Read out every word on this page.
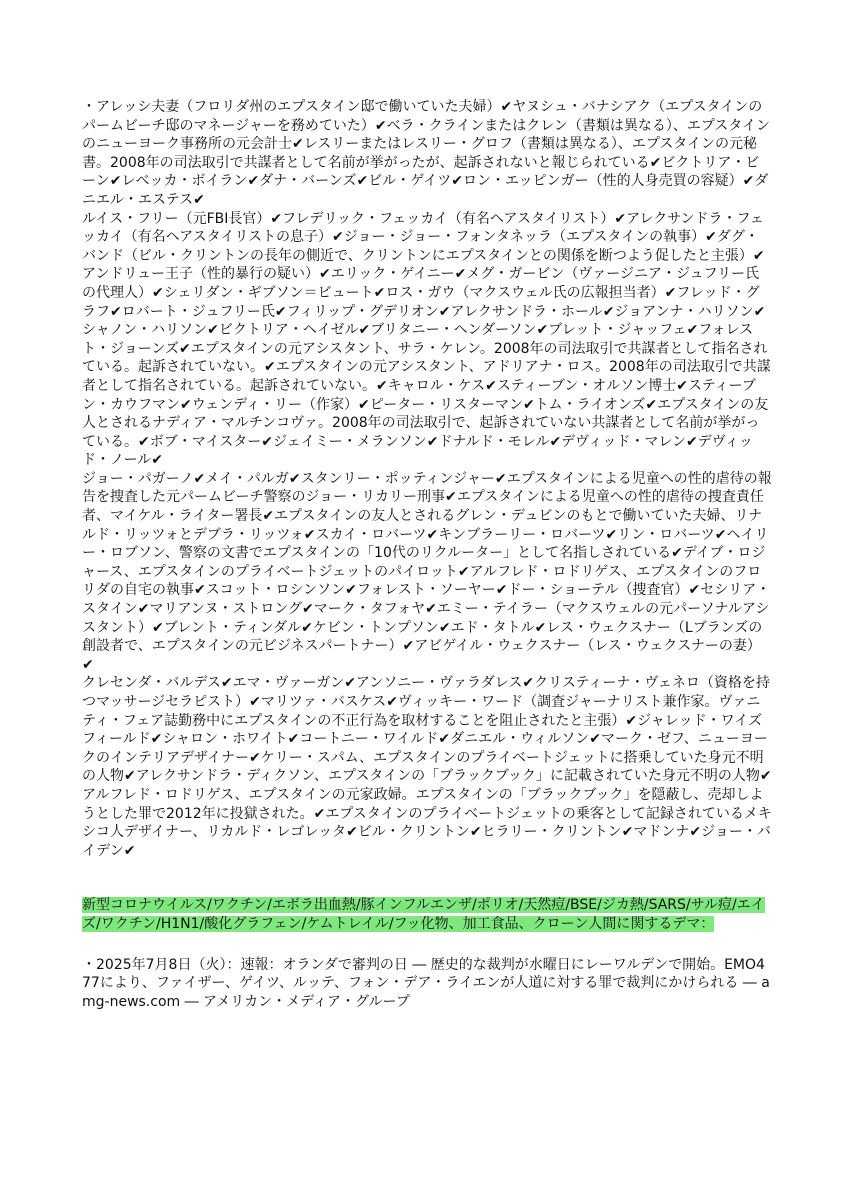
・アレッシ夫妻（フロリダ州のエプスタイン邸で働いていた夫婦）✔ヤヌシュ・バナシアク（エプスタインのパームビーチ邸のマネージャーを務めていた）✔ベラ・クラインまたはクレン（書類は異なる）、エプスタインのニューヨーク事務所の元会計士✔レスリーまたはレスリー・グロフ（書類は異なる）、エプスタインの元秘書。2008年の司法取引で共謀者として名前が挙がったが、起訴されないと報じられている✔ビクトリア・ビーン✔レベッカ・ボイラン✔ダナ・バーンズ✔ビル・ゲイツ✔ロン・エッピンガー（性的人身売買の容疑）✔ダニエル・エステス✔

ルイス・フリー（元FBI長官）✔フレデリック・フェッカイ（有名ヘアスタイリスト）✔アレクサンドラ・フェッカイ（有名ヘアスタイリストの息子）✔ジョー・ジョー・フォンタネッラ（エプスタインの執事）✔ダグ・バンド（ビル・クリントンの長年の側近で、クリントンにエプスタインとの関係を断つよう促したと主張）✔アンドリュー王子（性的暴行の疑い）✔エリック・ゲイニー✔メグ・ガービン（ヴァージニア・ジュフリー氏の代理人）✔シェリダン・ギブソン＝ビュート✔ロス・ガウ（マクスウェル氏の広報担当者）✔フレッド・グラフ✔ロバート・ジュフリー氏✔フィリップ・グデリオン✔アレクサンドラ・ホール✔ジョアンナ・ハリソン✔シャノン・ハリソン✔ビクトリア・ヘイゼル✔ブリタニー・ヘンダーソン✔ブレット・ジャッフェ✔フォレスト・ジョーンズ✔エプスタインの元アシスタント、サラ・ケレン。2008年の司法取引で共謀者として指名されている。起訴されていない。✔エプスタインの元アシスタント、アドリアナ・ロス。2008年の司法取引で共謀者として指名されている。起訴されていない。✔キャロル・ケス✔スティーブン・オルソン博士✔スティーブン・カウフマン✔ウェンディ・リー（作家）✔ピーター・リスターマン✔トム・ライオンズ✔エプスタインの友人とされるナディア・マルチンコヴァ。2008年の司法取引で、起訴されていない共謀者として名前が挙がっている。✔ボブ・マイスター✔ジェイミー・メランソン✔ドナルド・モレル✔デヴィッド・マレン✔デヴィッド・ノール✔

ジョー・パガーノ✔メイ・パルガ✔スタンリー・ポッティンジャー✔エプスタインによる児童への性的虐待の報告を捜査した元パームビーチ警察のジョー・リカリー刑事✔エプスタインによる児童への性的虐待の捜査責任者、マイケル・ライター署長✔エプスタインの友人とされるグレン・デュビンのもとで働いていた夫婦、リナルド・リッツォとデブラ・リッツォ✔スカイ・ロバーツ✔キンブラーリー・ロバーツ✔リン・ロバーツ✔ヘイリー・ロブソン、警察の文書でエプスタインの「10代のリクルーター」として名指しされている✔デイブ・ロジャース、エプスタインのプライベートジェットのパイロット✔アルフレド・ロドリゲス、エプスタインのフロリダの自宅の執事✔スコット・ロシンソン✔フォレスト・ソーヤー✔ドー・ショーテル（捜査官）✔セシリア・スタイン✔マリアンヌ・ストロング✔マーク・タフォヤ✔エミー・テイラー（マクスウェルの元パーソナルアシスタント）✔ブレント・ティンダル✔ケビン・トンプソン✔エド・タトル✔レス・ウェクスナー（Lブランズの創設者で、エプスタインの元ビジネスパートナー）✔アビゲイル・ウェクスナー（レス・ウェクスナーの妻）✔

クレセンダ・バルデス✔エマ・ヴァーガン✔アンソニー・ヴァラダレス✔クリスティーナ・ヴェネロ（資格を持つマッサージセラピスト）✔マリツァ・バスケス✔ヴィッキー・ワード（調査ジャーナリスト兼作家。ヴァニティ・フェア誌勤務中にエプスタインの不正行為を取材することを阻止されたと主張）✔ジャレッド・ワイズフィールド✔シャロン・ホワイト✔コートニー・ワイルド✔ダニエル・ウィルソン✔マーク・ゼフ、ニューヨークのインテリアデザイナー✔ケリー・スパム、エプスタインのプライベートジェットに搭乗していた身元不明の人物✔アレクサンドラ・ディクソン、エプスタインの「ブラックブック」に記載されていた身元不明の人物✔

アルフレド・ロドリゲス、エプスタインの元家政婦。エプスタインの「ブラックブック」を隠蔽し、売却しようとした罪で2012年に投獄された。✔エプスタインのプライベートジェットの乗客として記録されているメキシコ人デザイナー、リカルド・レゴレッタ✔ビル・クリントン✔ヒラリー・クリントン✔マドンナ✔ジョー・バイデン✔

新型コロナウイルス/ワクチン/エボラ出血熱/豚インフルエンザ/ポリオ/天然痘/BSE/ジカ熱/SARS/サル痘/エイズ/ワクチン/H1N1/酸化グラフェン/ケムトレイル/フッ化物、加工食品、クローン人間に関するデマ：

・2025年7月8日（火）：速報：オランダで審判の日 ― 歴史的な裁判が水曜日にレーワルデンで開始。EMO477により、ファイザー、ゲイツ、ルッテ、フォン・デア・ライエンが人道に対する罪で裁判にかけられる ― amg-news.com ― アメリカン・メディア・グループ
